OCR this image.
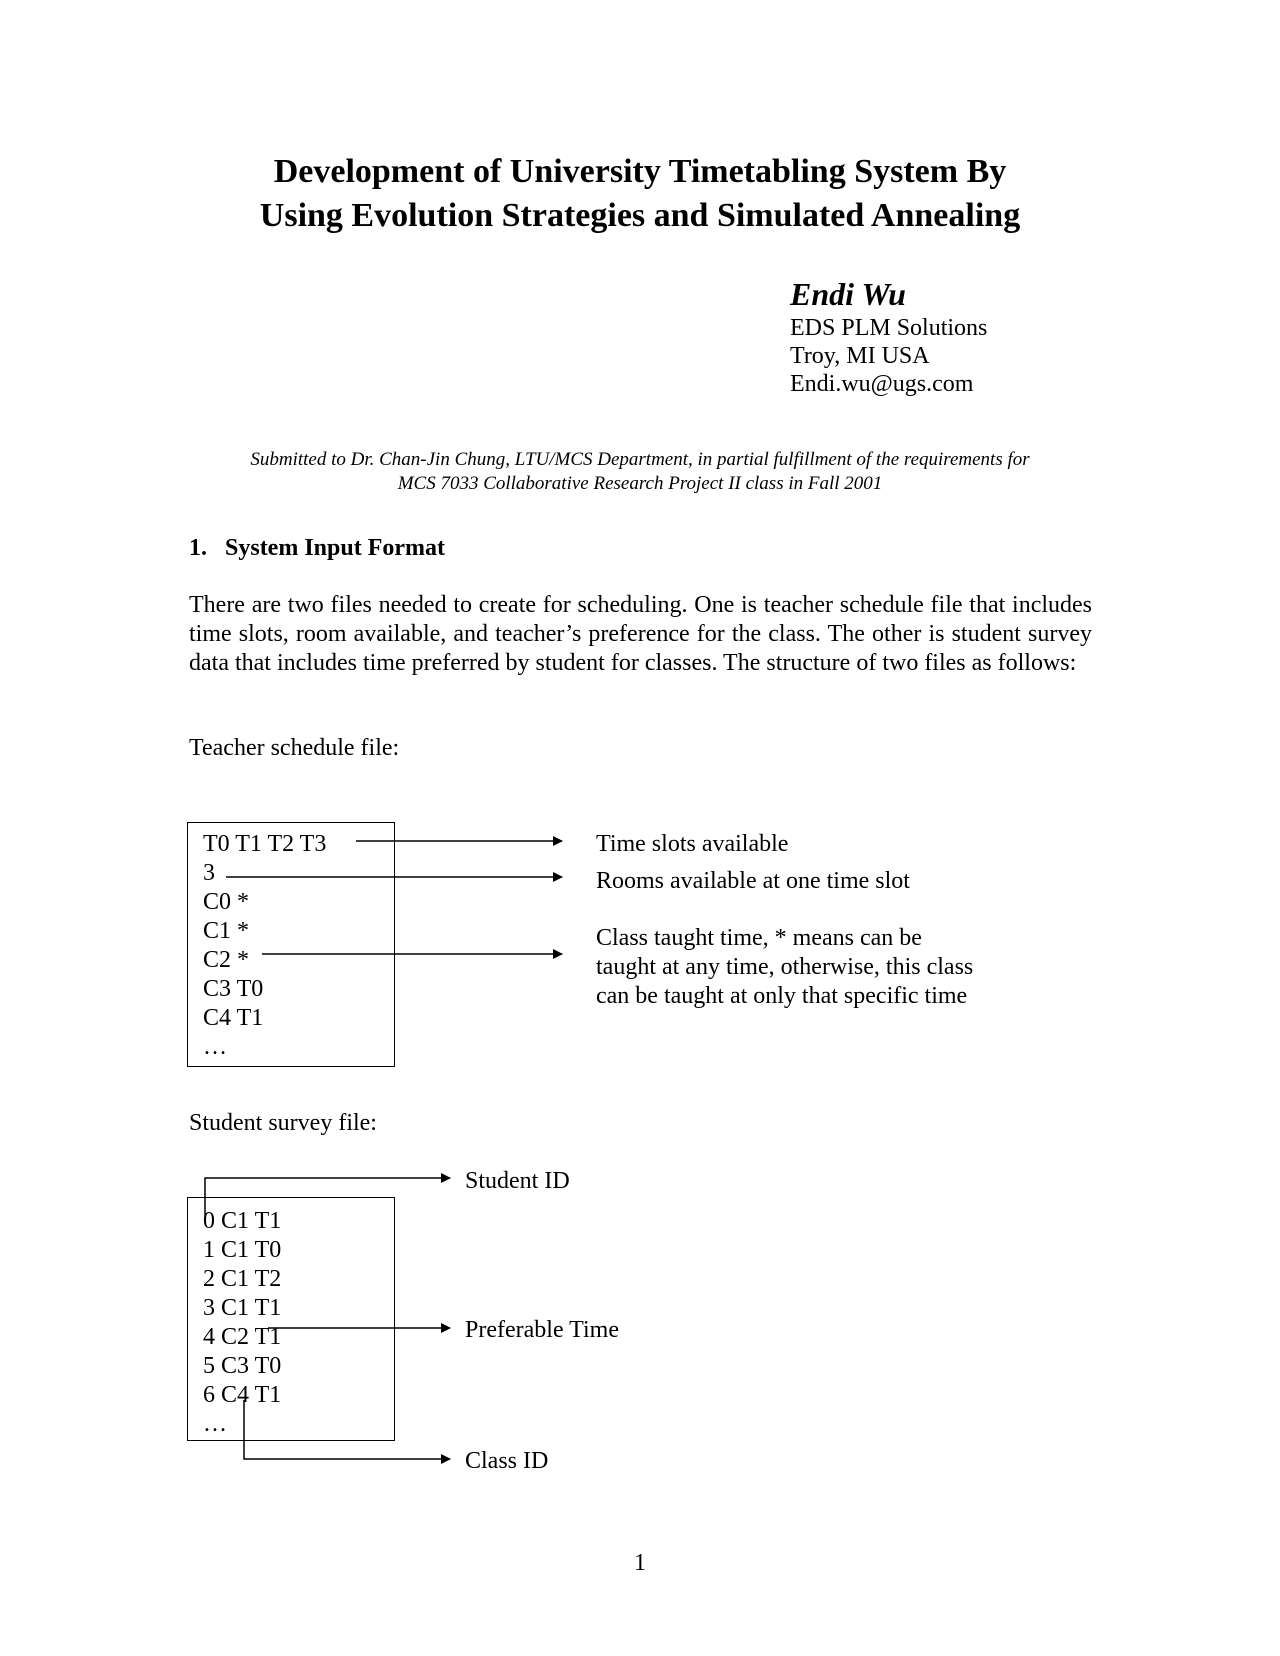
Development of University Timetabling System By
Using Evolution Strategies and Simulated Annealing
Endi Wu
EDS PLM Solutions
Troy, MI USA
Endi.wu@ugs.com
Submitted to Dr. Chan-Jin Chung, LTU/MCS Department, in partial fulfillment of the requirements for
MCS 7033 Collaborative Research Project II class in Fall 2001
1. System Input Format
There are two files needed to create for scheduling. One is teacher schedule file that includes time slots, room available, and teacher’s preference for the class. The other is student survey data that includes time preferred by student for classes. The structure of two files as follows:
Teacher schedule file:
T0 T1 T2 T3
3
C0 *
C1 *
C2 *
C3 T0
C4 T1
…
Time slots available
Rooms available at one time slot
Class taught time, * means can be
taught at any time, otherwise, this class
can be taught at only that specific time
Student survey file:
0 C1 T1
1 C1 T0
2 C1 T2
3 C1 T1
4 C2 T1
5 C3 T0
6 C4 T1
…
Student ID
Preferable Time
Class ID
1
